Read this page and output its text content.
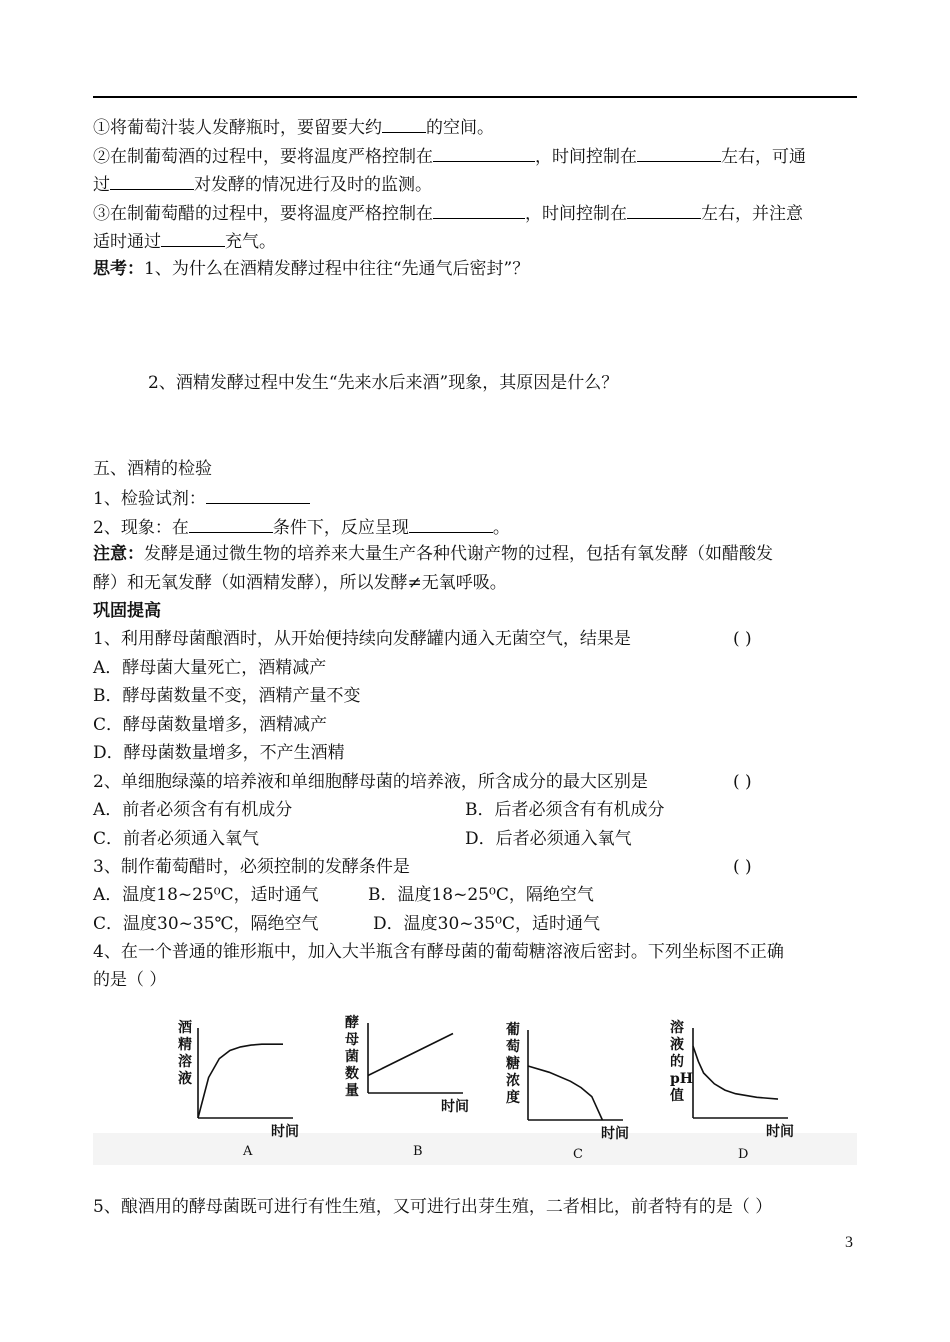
①将葡萄汁装人发酵瓶时，要留要大约	的空间。
②在制葡萄酒的过程中，要将温度严格控制在	，时间控制在	左右，可通
过	对发酵的情况进行及时的监测。
③在制葡萄醋的过程中，要将温度严格控制在	，时间控制在	左右，并注意
适时通过	充气。
思考：1、为什么在酒精发酵过程中往往“先通气后密封”？
2、酒精发酵过程中发生“先来水后来酒”现象，其原因是什么？
五、酒精的检验
1、检验试剂：
2、现象：在	条件下，反应呈现	。
注意：发酵是通过微生物的培养来大量生产各种代谢产物的过程，包括有氧发酵（如醋酸发
酵）和无氧发酵（如酒精发酵），所以发酵≠无氧呼吸。
巩固提高
1、利用酵母菌酿酒时，从开始便持续向发酵罐内通入无菌空气，结果是	( )
A．酵母菌大量死亡，酒精减产
B．酵母菌数量不变，酒精产量不变
C．酵母菌数量增多，酒精减产
D．酵母菌数量增多，不产生酒精
2、单细胞绿藻的培养液和单细胞酵母菌的培养液，所含成分的最大区别是	( )
A．前者必须含有有机成分	B．后者必须含有有机成分
C．前者必须通入氧气	D．后者必须通入氧气
3、制作葡萄醋时，必须控制的发酵条件是	( )
A．温度18~25⁰C，适时通气	B．温度18~25⁰C，隔绝空气
C．温度30~35℃，隔绝空气	D．温度30~35⁰C，适时通气
4、在一个普通的锥形瓶中，加入大半瓶含有酵母菌的葡萄糖溶液后密封。下列坐标图不正确
的是（ ）
酒精溶液
时间
A
酵母菌数量
时间
B
葡萄糖浓度
时间
C
溶液的 pH 值
时间
D
5、酿酒用的酵母菌既可进行有性生殖，又可进行出芽生殖，二者相比，前者特有的是（ ）
3
